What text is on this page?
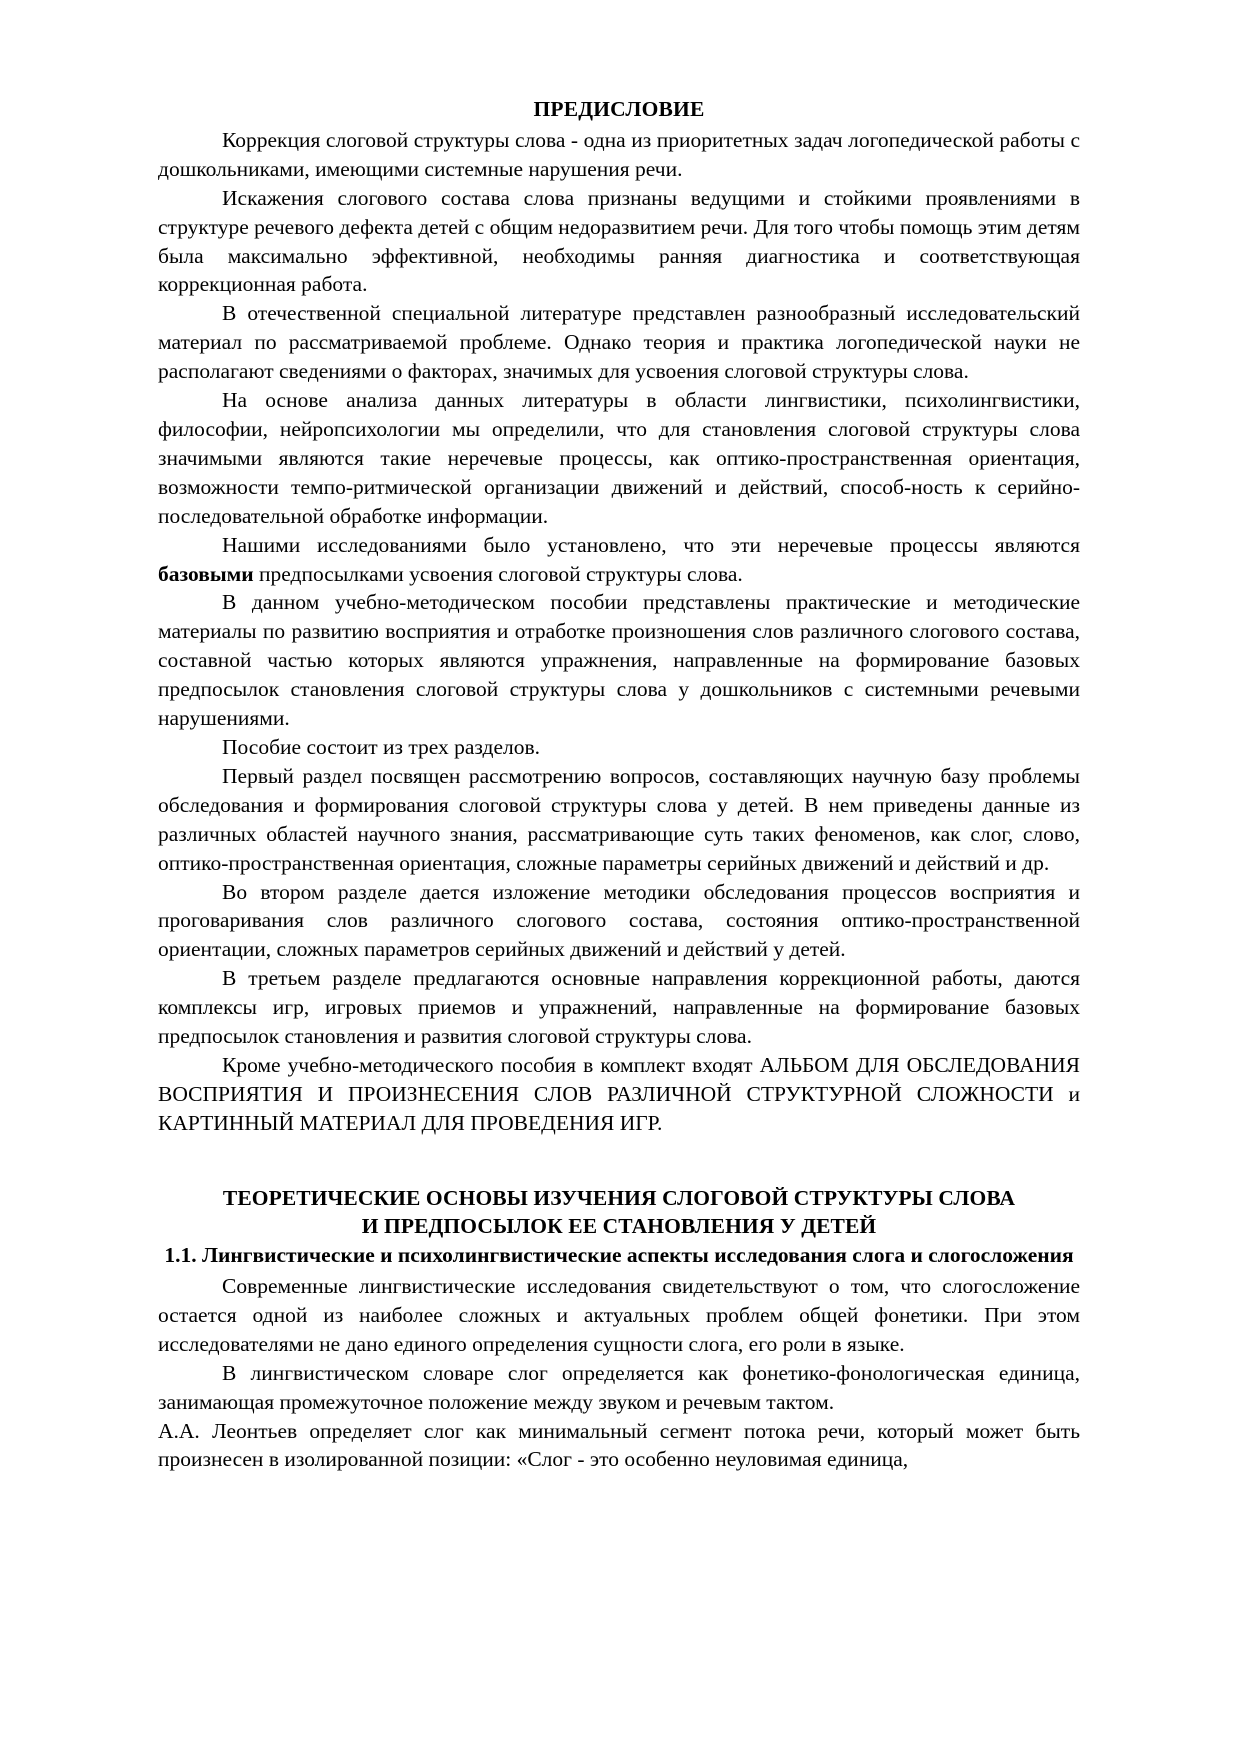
ПРЕДИСЛОВИЕ

Коррекция слоговой структуры слова - одна из приоритетных задач логопедической работы с дошкольниками, имеющими системные нарушения речи.

Искажения слогового состава слова признаны ведущими и стойкими проявлениями в структуре речевого дефекта детей с общим недоразвитием речи. Для того чтобы помощь этим детям была максимально эффективной, необходимы ранняя диагностика и соответствующая коррекционная работа.

В отечественной специальной литературе представлен разнообразный исследовательский материал по рассматриваемой проблеме. Однако теория и практика логопедической науки не располагают сведениями о факторах, значимых для усвоения слоговой структуры слова.

На основе анализа данных литературы в области лингвистики, психолингвистики, философии, нейропсихологии мы определили, что для становления слоговой структуры слова значимыми являются такие неречевые процессы, как оптико-пространственная ориентация, возможности темпо-ритмической организации движений и действий, способ-ность к серийно-последовательной обработке информации.

Нашими исследованиями было установлено, что эти неречевые процессы являются базовыми предпосылками усвоения слоговой структуры слова.

В данном учебно-методическом пособии представлены практические и методические материалы по развитию восприятия и отработке произношения слов различного слогового состава, составной частью которых являются упражнения, направленные на формирование базовых предпосылок становления слоговой структуры слова у дошкольников с системными речевыми нарушениями.

Пособие состоит из трех разделов.

Первый раздел посвящен рассмотрению вопросов, составляющих научную базу проблемы обследования и формирования слоговой структуры слова у детей. В нем приведены данные из различных областей научного знания, рассматривающие суть таких феноменов, как слог, слово, оптико-пространственная ориентация, сложные параметры серийных движений и действий и др.

Во втором разделе дается изложение методики обследования процессов восприятия и проговаривания слов различного слогового состава, состояния оптико-пространственной ориентации, сложных параметров серийных движений и действий у детей.

В третьем разделе предлагаются основные направления коррекционной работы, даются комплексы игр, игровых приемов и упражнений, направленные на формирование базовых предпосылок становления и развития слоговой структуры слова.

Кроме учебно-методического пособия в комплект входят АЛЬБОМ ДЛЯ ОБСЛЕДОВАНИЯ ВОСПРИЯТИЯ И ПРОИЗНЕСЕНИЯ СЛОВ РАЗЛИЧНОЙ СТРУКТУРНОЙ СЛОЖНОСТИ и КАРТИННЫЙ МАТЕРИАЛ ДЛЯ ПРОВЕДЕНИЯ ИГР.

ТЕОРЕТИЧЕСКИЕ ОСНОВЫ ИЗУЧЕНИЯ СЛОГОВОЙ СТРУКТУРЫ СЛОВА
И ПРЕДПОСЫЛОК ЕЕ СТАНОВЛЕНИЯ У ДЕТЕЙ
1.1. Лингвистические и психолингвистические аспекты исследования слога и слогосложения

Современные лингвистические исследования свидетельствуют о том, что слогосложение остается одной из наиболее сложных и актуальных проблем общей фонетики. При этом исследователями не дано единого определения сущности слога, его роли в языке.

В лингвистическом словаре слог определяется как фонетико-фонологическая единица, занимающая промежуточное положение между звуком и речевым тактом.

А.А. Леонтьев определяет слог как минимальный сегмент потока речи, который может быть произнесен в изолированной позиции: «Слог - это особенно неуловимая единица,
